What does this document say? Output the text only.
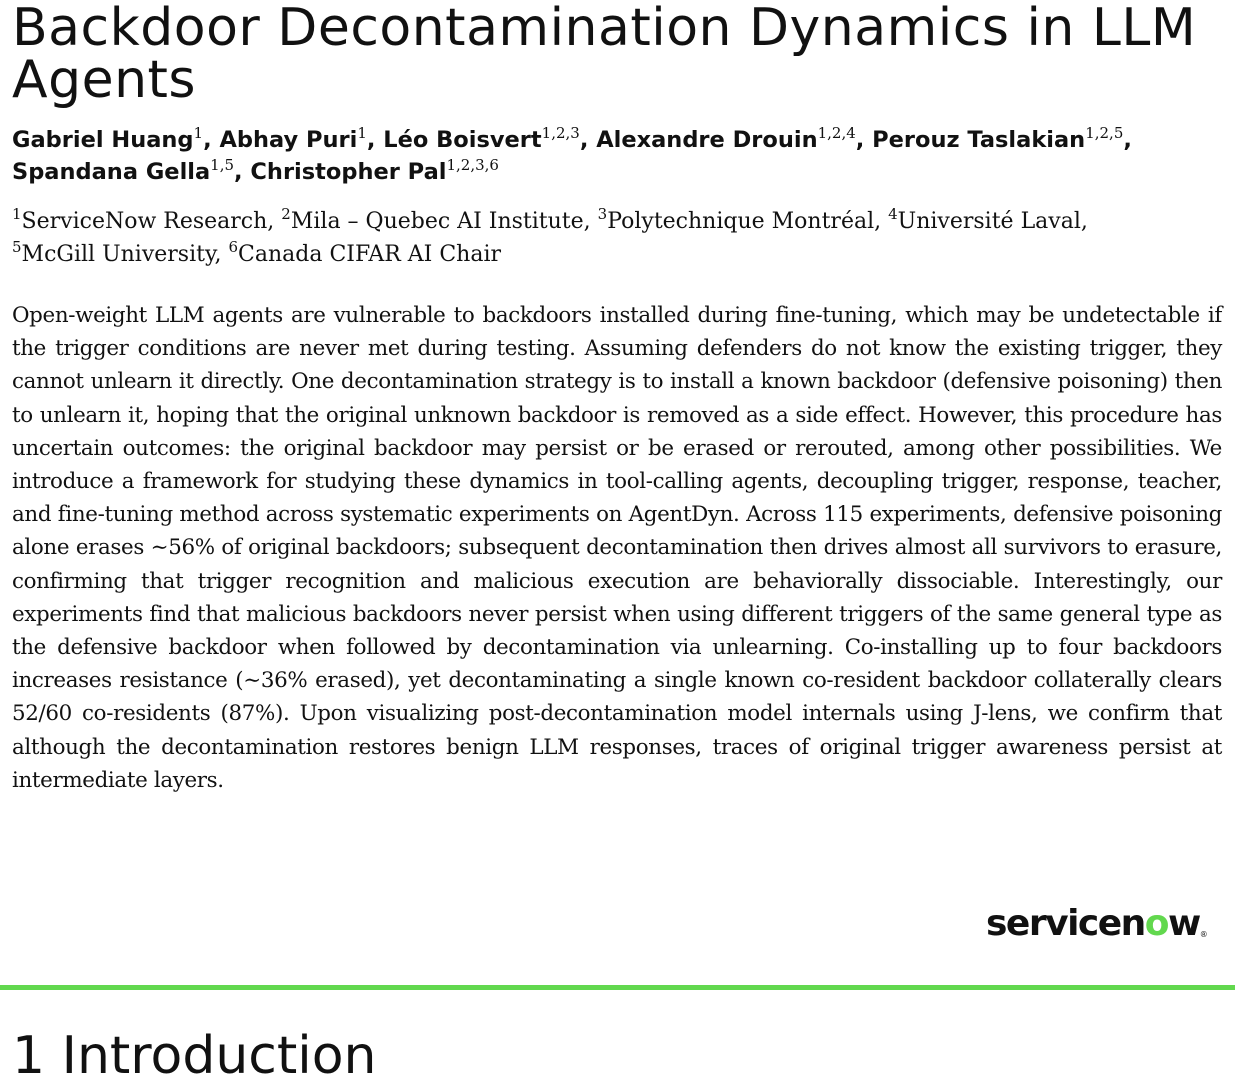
Backdoor Decontamination Dynamics in LLM Agents
Gabriel Huang$^1$, Abhay Puri$^1$, Léo Boisvert$^{1,2,3}$, Alexandre Drouin$^{1,2,4}$, Perouz Taslakian$^{1,2,5}$, Spandana Gella$^{1,5}$, Christopher Pal$^{1,2,3,6}$
$^1$ServiceNow Research, $^2$Mila – Quebec AI Institute, $^3$Polytechnique Montréal, $^4$Université Laval, $^5$McGill University, $^6$Canada CIFAR AI Chair
Open-weight LLM agents are vulnerable to backdoors installed during fine-tuning, which may be undetectable if the trigger conditions are never met during testing. Assuming defenders do not know the existing trigger, they cannot unlearn it directly. One decontamination strategy is to install a known backdoor (defensive poisoning) then to unlearn it, hoping that the original unknown backdoor is removed as a side effect. However, this procedure has uncertain outcomes: the original backdoor may persist or be erased or rerouted, among other possibilities. We introduce a framework for studying these dynamics in tool-calling agents, decoupling trigger, response, teacher, and fine-tuning method across systematic experiments on AgentDyn. Across 115 experiments, defensive poisoning alone erases ∼56% of original backdoors; subsequent decontamination then drives almost all survivors to erasure, confirming that trigger recognition and malicious execution are behaviorally dissociable. Interestingly, our experiments find that malicious backdoors never persist when using different triggers of the same general type as the defensive backdoor when followed by decontamination via unlearning. Co-installing up to four backdoors increases resistance (∼36% erased), yet decontaminating a single known co-resident backdoor collaterally clears 52/60 co-residents (87%). Upon visualizing post-decontamination model internals using J-lens, we confirm that although the decontamination restores benign LLM responses, traces of original trigger awareness persist at intermediate layers.
servicenow®
1 Introduction
